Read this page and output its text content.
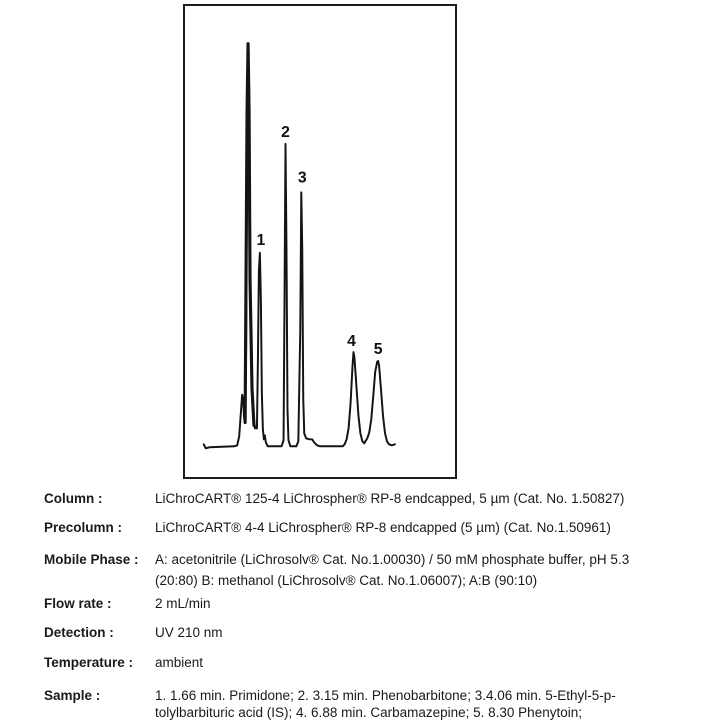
1
2
3
4 5
Column :	LiChroCART® 125-4 LiChrospher® RP-8 endcapped, 5 µm (Cat. No. 1.50827)
Precolumn :	LiChroCART® 4-4 LiChrospher® RP-8 endcapped (5 µm) (Cat. No.1.50961)
Mobile Phase :	A: acetonitrile (LiChrosolv® Cat. No.1.00030) / 50 mM phosphate buffer, pH 5.3
(20:80) B: methanol (LiChrosolv® Cat. No.1.06007); A:B (90:10)
Flow rate :	2 mL/min
Detection :	UV 210 nm
Temperature :	ambient
Sample :	1. 1.66 min. Primidone; 2. 3.15 min. Phenobarbitone; 3.4.06 min. 5-Ethyl-5-p-
tolylbarbituric acid (IS); 4. 6.88 min. Carbamazepine; 5. 8.30 Phenytoin;
